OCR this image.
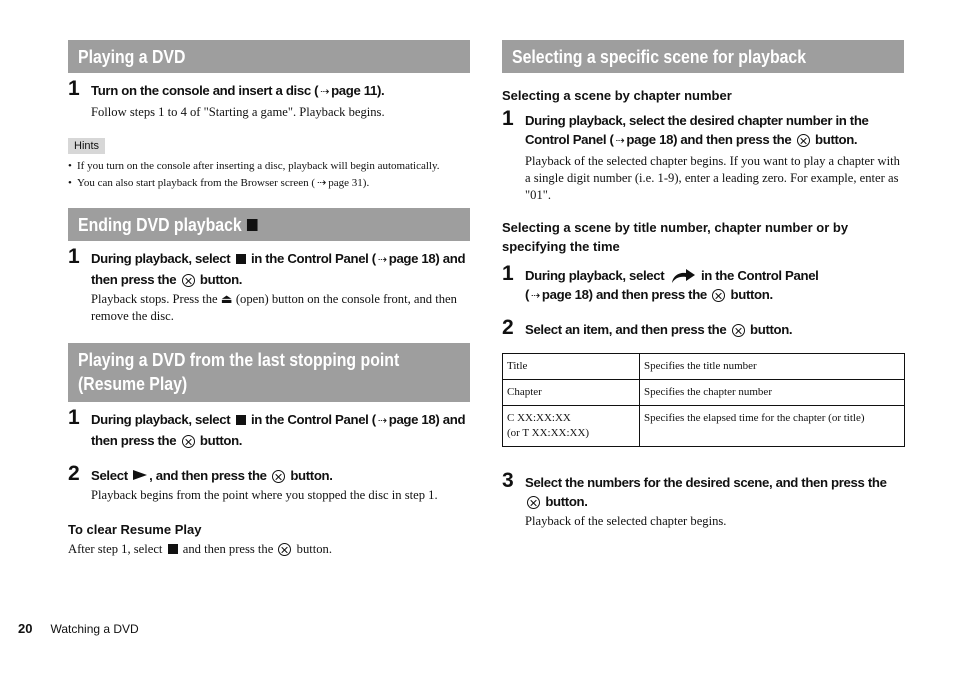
Playing a DVD
1 Turn on the console and insert a disc ( ⇢ page 11).
Follow steps 1 to 4 of "Starting a game". Playback begins.
Hints
• If you turn on the console after inserting a disc, playback will begin automatically.
• You can also start playback from the Browser screen ( ⇢ page 31).
Ending DVD playback
1 During playback, select in the Control Panel ( ⇢ page 18) and then press the button.
Playback stops. Press the ⏏ (open) button on the console front, and then remove the disc.
Playing a DVD from the last stopping point (Resume Play)
1 During playback, select in the Control Panel ( ⇢ page 18) and then press the button.
2 Select , and then press the button.
Playback begins from the point where you stopped the disc in step 1.
To clear Resume Play
After step 1, select and then press the button.
Selecting a specific scene for playback
Selecting a scene by chapter number
1 During playback, select the desired chapter number in the Control Panel ( ⇢ page 18) and then press the button.
Playback of the selected chapter begins. If you want to play a chapter with a single digit number (i.e. 1-9), enter a leading zero. For example, enter as "01".
Selecting a scene by title number, chapter number or by specifying the time
1 During playback, select	in the Control Panel
( ⇢ page 18) and then press the button.
2 Select an item, and then press the button.
Title	Specifies the title number
Chapter	Specifies the chapter number
C XX:XX:XX
(or T XX:XX:XX)	Specifies the elapsed time for the chapter (or title)
3 Select the numbers for the desired scene, and then press the  button.
Playback of the selected chapter begins.
20 Watching a DVD
